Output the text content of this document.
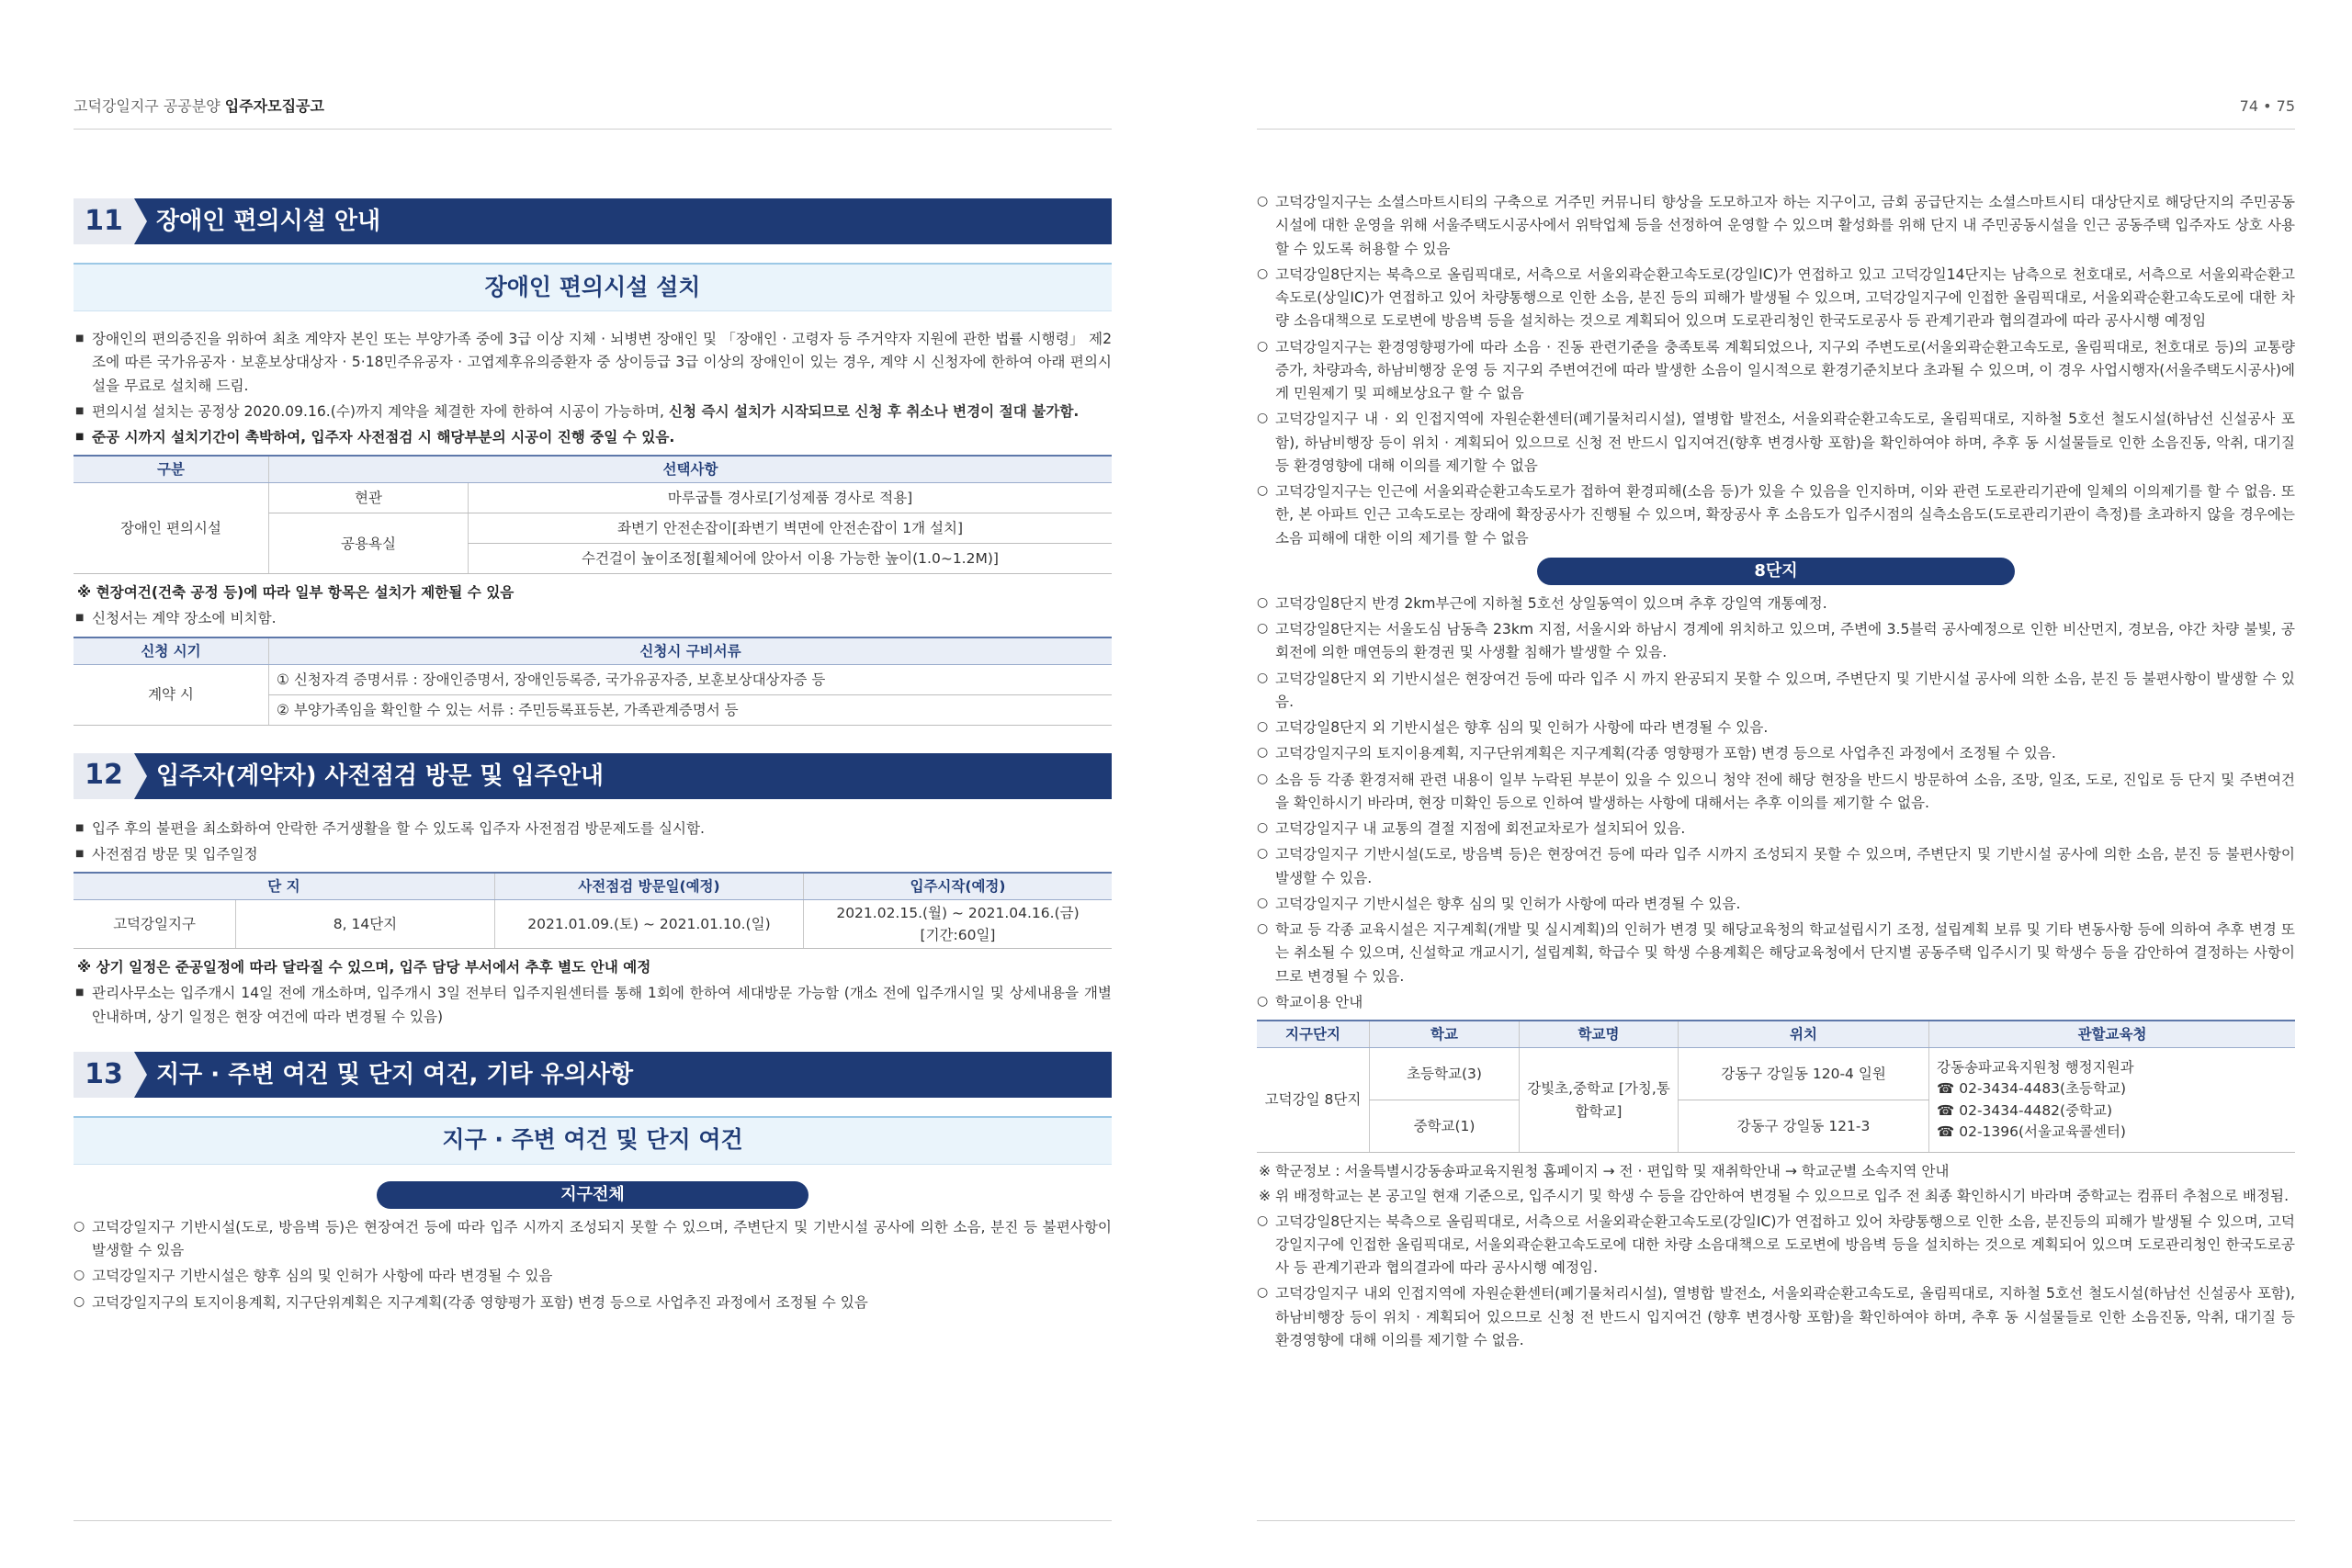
고덕강일지구 공공분양 입주자모집공고
11	장애인 편의시설 안내
장애인 편의시설 설치

■ 장애인의 편의증진을 위하여 최초 계약자 본인 또는 부양가족 중에 3급 이상 지체 · 뇌병변 장애인 및 「장애인 · 고령자 등 주거약자 지원에 관한 법률 시행령」 제2조에 따른 국가유공자 · 보훈보상대상자 · 5·18민주유공자 · 고엽제후유의증환자 중 상이등급 3급 이상의 장애인이 있는 경우, 계약 시 신청자에 한하여 아래 편의시설을 무료로 설치해 드림.

■ 편의시설 설치는 공정상 2020.09.16.(수)까지 계약을 체결한 자에 한하여 시공이 가능하며, 신청 즉시 설치가 시작되므로 신청 후 취소나 변경이 절대 불가함.

■ 준공 시까지 설치기간이 촉박하여, 입주자 사전점검 시 해당부분의 시공이 진행 중일 수 있음.

구분	선택사항	
장애인 편의시설	현관	마루굽틀 경사로[기성제품 경사로 적용]
	공용욕실	좌변기 안전손잡이[좌변기 벽면에 안전손잡이 1개 설치]
		수건걸이 높이조정[휠체어에 앉아서 이용 가능한 높이(1.0~1.2M)]

※ 현장여건(건축 공정 등)에 따라 일부 항목은 설치가 제한될 수 있음

■ 신청서는 계약 장소에 비치함.

신청 시기	신청시 구비서류
계약 시	① 신청자격 증명서류 : 장애인증명서, 장애인등록증, 국가유공자증, 보훈보상대상자증 등
	② 부양가족임을 확인할 수 있는 서류 : 주민등록표등본, 가족관계증명서 등
12	입주자(계약자) 사전점검 방문 및 입주안내

■ 입주 후의 불편을 최소화하여 안락한 주거생활을 할 수 있도록 입주자 사전점검 방문제도를 실시함.

■ 사전점검 방문 및 입주일정

단 지		사전점검 방문일(예정)	입주시작(예정)
고덕강일지구	8, 14단지	2021.01.09.(토) ~ 2021.01.10.(일)	2021.02.15.(월) ~ 2021.04.16.(금)
[기간:60일]

※ 상기 일정은 준공일정에 따라 달라질 수 있으며, 입주 담당 부서에서 추후 별도 안내 예정

■ 관리사무소는 입주개시 14일 전에 개소하며, 입주개시 3일 전부터 입주지원센터를 통해 1회에 한하여 세대방문 가능함 (개소 전에 입주개시일 및 상세내용을 개별 안내하며, 상기 일정은 현장 여건에 따라 변경될 수 있음)

13	지구 · 주변 여건 및 단지 여건, 기타 유의사항
지구 · 주변 여건 및 단지 여건
지구전체

○ 고덕강일지구 기반시설(도로, 방음벽 등)은 현장여건 등에 따라 입주 시까지 조성되지 못할 수 있으며, 주변단지 및 기반시설 공사에 의한 소음, 분진 등 불편사항이 발생할 수 있음

○ 고덕강일지구 기반시설은 향후 심의 및 인허가 사항에 따라 변경될 수 있음

○ 고덕강일지구의 토지이용계획, 지구단위계획은 지구계획(각종 영향평가 포함) 변경 등으로 사업추진 과정에서 조정될 수 있음

74 • 75

○ 고덕강일지구는 소셜스마트시티의 구축으로 거주민 커뮤니티 향상을 도모하고자 하는 지구이고, 금회 공급단지는 소셜스마트시티 대상단지로 해당단지의 주민공동시설에 대한 운영을 위해 서울주택도시공사에서 위탁업체 등을 선정하여 운영할 수 있으며 활성화를 위해 단지 내 주민공동시설을 인근 공동주택 입주자도 상호 사용할 수 있도록 허용할 수 있음

○ 고덕강일8단지는 북측으로 올림픽대로, 서측으로 서울외곽순환고속도로(강일IC)가 연접하고 있고 고덕강일14단지는 남측으로 천호대로, 서측으로 서울외곽순환고속도로(상일IC)가 연접하고 있어 차량통행으로 인한 소음, 분진 등의 피해가 발생될 수 있으며, 고덕강일지구에 인접한 올림픽대로, 서울외곽순환고속도로에 대한 차량 소음대책으로 도로변에 방음벽 등을 설치하는 것으로 계획되어 있으며 도로관리청인 한국도로공사 등 관계기관과 협의결과에 따라 공사시행 예정임

○ 고덕강일지구는 환경영향평가에 따라 소음 · 진동 관련기준을 충족토록 계획되었으나, 지구외 주변도로(서울외곽순환고속도로, 올림픽대로, 천호대로 등)의 교통량 증가, 차량과속, 하남비행장 운영 등 지구외 주변여건에 따라 발생한 소음이 일시적으로 환경기준치보다 초과될 수 있으며, 이 경우 사업시행자(서울주택도시공사)에게 민원제기 및 피해보상요구 할 수 없음

○ 고덕강일지구 내 · 외 인접지역에 자원순환센터(폐기물처리시설), 열병합 발전소, 서울외곽순환고속도로, 올림픽대로, 지하철 5호선 철도시설(하남선 신설공사 포함), 하남비행장 등이 위치 · 계획되어 있으므로 신청 전 반드시 입지여건(향후 변경사항 포함)을 확인하여야 하며, 추후 동 시설물들로 인한 소음진동, 악취, 대기질 등 환경영향에 대해 이의를 제기할 수 없음

○ 고덕강일지구는 인근에 서울외곽순환고속도로가 접하여 환경피해(소음 등)가 있을 수 있음을 인지하며, 이와 관련 도로관리기관에 일체의 이의제기를 할 수 없음. 또한, 본 아파트 인근 고속도로는 장래에 확장공사가 진행될 수 있으며, 확장공사 후 소음도가 입주시점의 실측소음도(도로관리기관이 측정)를 초과하지 않을 경우에는 소음 피해에 대한 이의 제기를 할 수 없음

8단지

○ 고덕강일8단지 반경 2km부근에 지하철 5호선 상일동역이 있으며 추후 강일역 개통예정.

○ 고덕강일8단지는 서울도심 남동측 23km 지점, 서울시와 하남시 경계에 위치하고 있으며, 주변에 3.5블럭 공사예정으로 인한 비산먼지, 경보음, 야간 차량 불빛, 공회전에 의한 매연등의 환경권 및 사생활 침해가 발생할 수 있음.

○ 고덕강일8단지 외 기반시설은 현장여건 등에 따라 입주 시 까지 완공되지 못할 수 있으며, 주변단지 및 기반시설 공사에 의한 소음, 분진 등 불편사항이 발생할 수 있음.

○ 고덕강일8단지 외 기반시설은 향후 심의 및 인허가 사항에 따라 변경될 수 있음.

○ 고덕강일지구의 토지이용계획, 지구단위계획은 지구계획(각종 영향평가 포함) 변경 등으로 사업추진 과정에서 조정될 수 있음.

○ 소음 등 각종 환경저해 관련 내용이 일부 누락된 부분이 있을 수 있으니 청약 전에 해당 현장을 반드시 방문하여 소음, 조망, 일조, 도로, 진입로 등 단지 및 주변여건을 확인하시기 바라며, 현장 미확인 등으로 인하여 발생하는 사항에 대해서는 추후 이의를 제기할 수 없음.

○ 고덕강일지구 내 교통의 결절 지점에 회전교차로가 설치되어 있음.

○ 고덕강일지구 기반시설(도로, 방음벽 등)은 현장여건 등에 따라 입주 시까지 조성되지 못할 수 있으며, 주변단지 및 기반시설 공사에 의한 소음, 분진 등 불편사항이 발생할 수 있음.

○ 고덕강일지구 기반시설은 향후 심의 및 인허가 사항에 따라 변경될 수 있음.

○ 학교 등 각종 교육시설은 지구계획(개발 및 실시계획)의 인허가 변경 및 해당교육청의 학교설립시기 조정, 설립계획 보류 및 기타 변동사항 등에 의하여 추후 변경 또는 취소될 수 있으며, 신설학교 개교시기, 설립계획, 학급수 및 학생 수용계획은 해당교육청에서 단지별 공동주택 입주시기 및 학생수 등을 감안하여 결정하는 사항이므로 변경될 수 있음.

○ 학교이용 안내

지구단지	학교	학교명	위치	관할교육청
고덕강일 8단지	초등학교(3)	강빛초,중학교 [가칭,통합학교]	강동구 강일동 120-4 일원	강동송파교육지원청 행정지원과
☎ 02-3434-4483(초등학교)
☎ 02-3434-4482(중학교)
☎ 02-1396(서울교육콜센터)

	중학교(1)		강동구 강일동 121-3	

※ 학군정보 : 서울특별시강동송파교육지원청 홈페이지 → 전 · 편입학 및 재취학안내 → 학교군별 소속지역 안내

※ 위 배정학교는 본 공고일 현재 기준으로, 입주시기 및 학생 수 등을 감안하여 변경될 수 있으므로 입주 전 최종 확인하시기 바라며 중학교는 컴퓨터 추첨으로 배정됨.

○ 고덕강일8단지는 북측으로 올림픽대로, 서측으로 서울외곽순환고속도로(강일IC)가 연접하고 있어 차량통행으로 인한 소음, 분진등의 피해가 발생될 수 있으며, 고덕강일지구에 인접한 올림픽대로, 서울외곽순환고속도로에 대한 차량 소음대책으로 도로변에 방음벽 등을 설치하는 것으로 계획되어 있으며 도로관리청인 한국도로공사 등 관계기관과 협의결과에 따라 공사시행 예정임.

○ 고덕강일지구 내외 인접지역에 자원순환센터(폐기물처리시설), 열병합 발전소, 서울외곽순환고속도로, 올림픽대로, 지하철 5호선 철도시설(하남선 신설공사 포함), 하남비행장 등이 위치 · 계획되어 있으므로 신청 전 반드시 입지여건 (향후 변경사항 포함)을 확인하여야 하며, 추후 동 시설물들로 인한 소음진동, 악취, 대기질 등 환경영향에 대해 이의를 제기할 수 없음.
